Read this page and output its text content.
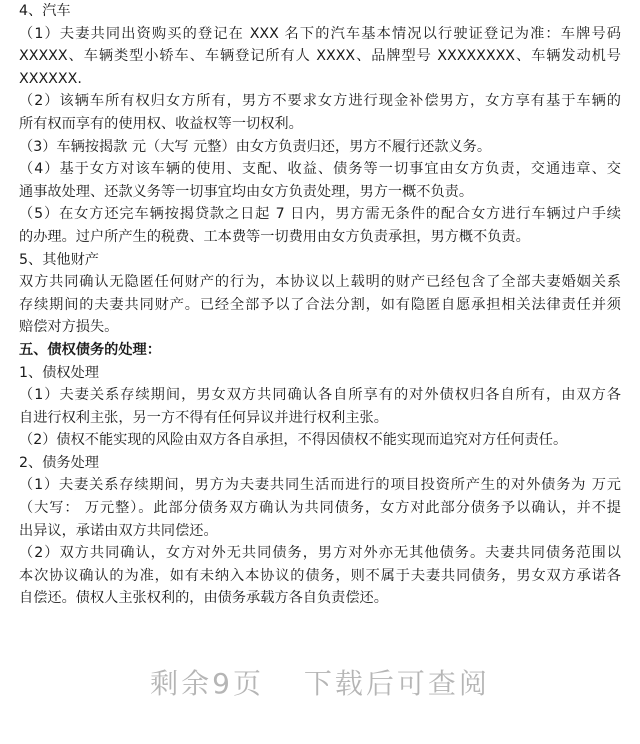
4、汽车
（1）夫妻共同出资购买的登记在 XXX 名下的汽车基本情况以行驶证登记为准：车牌号码
XXXXX、车辆类型小轿车、车辆登记所有人 XXXX、品牌型号 XXXXXXXX、车辆发动机号
XXXXXX.
（2）该辆车所有权归女方所有，男方不要求女方进行现金补偿男方，女方享有基于车辆的
所有权而享有的使用权、收益权等一切权利。
（3）车辆按揭款 元（大写 元整）由女方负责归还，男方不履行还款义务。
（4）基于女方对该车辆的使用、支配、收益、债务等一切事宜由女方负责，交通违章、交
通事故处理、还款义务等一切事宜均由女方负责处理，男方一概不负责。
（5）在女方还完车辆按揭贷款之日起 7 日内，男方需无条件的配合女方进行车辆过户手续
的办理。过户所产生的税费、工本费等一切费用由女方负责承担，男方概不负责。
5、其他财产
双方共同确认无隐匿任何财产的行为，本协议以上载明的财产已经包含了全部夫妻婚姻关系
存续期间的夫妻共同财产。已经全部予以了合法分割，如有隐匿自愿承担相关法律责任并须
赔偿对方损失。
五、债权债务的处理：
1、债权处理
（1）夫妻关系存续期间，男女双方共同确认各自所享有的对外债权归各自所有，由双方各
自进行权利主张，另一方不得有任何异议并进行权利主张。
（2）债权不能实现的风险由双方各自承担，不得因债权不能实现而追究对方任何责任。
2、债务处理
（1）夫妻关系存续期间，男方为夫妻共同生活而进行的项目投资所产生的对外债务为 万元
（大写： 万元整）。此部分债务双方确认为共同债务，女方对此部分债务予以确认，并不提
出异议，承诺由双方共同偿还。
（2）双方共同确认，女方对外无共同债务，男方对外亦无其他债务。夫妻共同债务范围以
本次协议确认的为准，如有未纳入本协议的债务，则不属于夫妻共同债务，男女双方承诺各
自偿还。债权人主张权利的，由债务承载方各自负责偿还。
剩余9页 下载后可查阅
